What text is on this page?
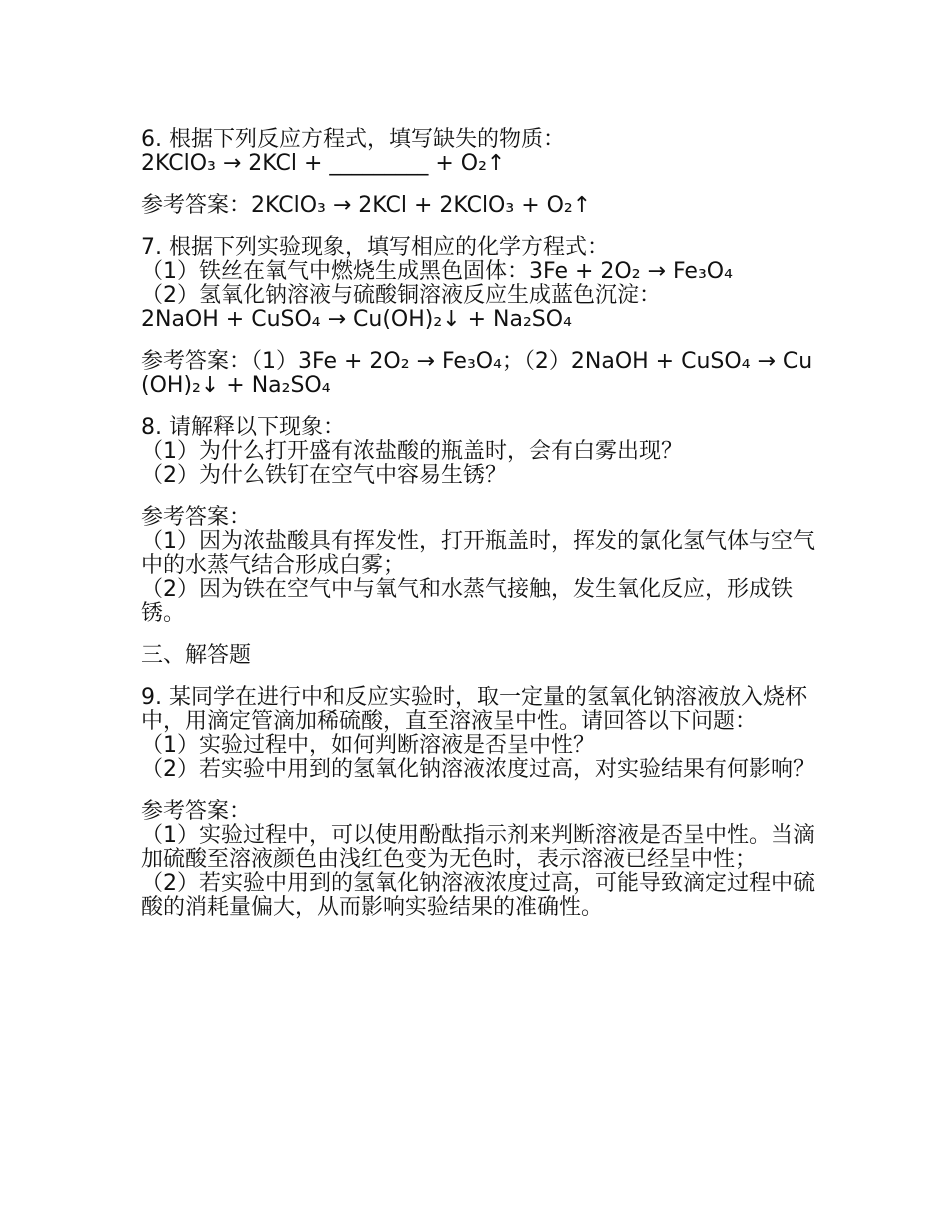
6. 根据下列反应方程式，填写缺失的物质：
2KClO₃ → 2KCl + _________ + O₂↑
参考答案：2KClO₃ → 2KCl + 2KClO₃ + O₂↑
7. 根据下列实验现象，填写相应的化学方程式：
（1）铁丝在氧气中燃烧生成黑色固体：3Fe + 2O₂ → Fe₃O₄
（2）氢氧化钠溶液与硫酸铜溶液反应生成蓝色沉淀：
2NaOH + CuSO₄ → Cu(OH)₂↓ + Na₂SO₄
参考答案：（1）3Fe + 2O₂ → Fe₃O₄；（2）2NaOH + CuSO₄ → Cu(OH)₂↓ + Na₂SO₄
8. 请解释以下现象：
（1）为什么打开盛有浓盐酸的瓶盖时，会有白雾出现？
（2）为什么铁钉在空气中容易生锈？
参考答案：
（1）因为浓盐酸具有挥发性，打开瓶盖时，挥发的氯化氢气体与空气中的水蒸气结合形成白雾；
（2）因为铁在空气中与氧气和水蒸气接触，发生氧化反应，形成铁锈。
三、解答题
9. 某同学在进行中和反应实验时，取一定量的氢氧化钠溶液放入烧杯中，用滴定管滴加稀硫酸，直至溶液呈中性。请回答以下问题：
（1）实验过程中，如何判断溶液是否呈中性？
（2）若实验中用到的氢氧化钠溶液浓度过高，对实验结果有何影响？
参考答案：
（1）实验过程中，可以使用酚酞指示剂来判断溶液是否呈中性。当滴加硫酸至溶液颜色由浅红色变为无色时，表示溶液已经呈中性；
（2）若实验中用到的氢氧化钠溶液浓度过高，可能导致滴定过程中硫酸的消耗量偏大，从而影响实验结果的准确性。
